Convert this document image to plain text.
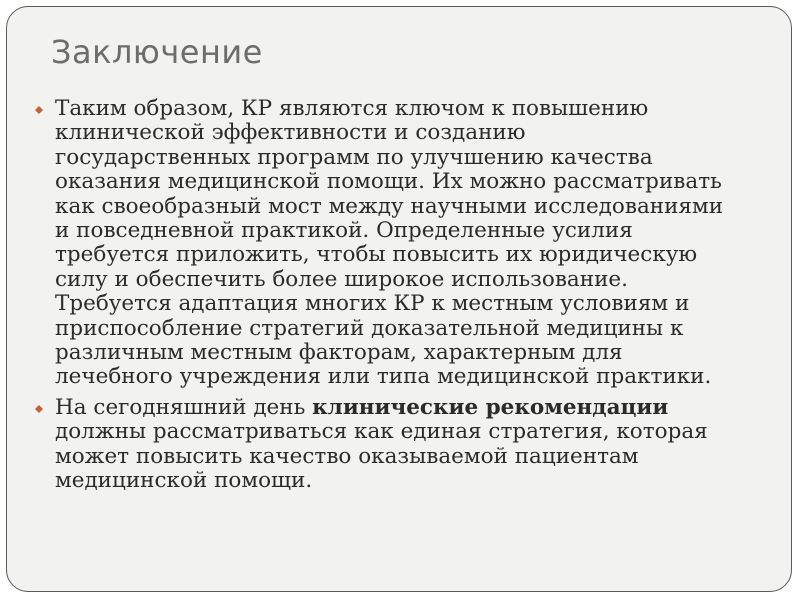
Заключение
Таким образом, КР являются ключом к повышению клинической эффективности и созданию государственных программ по улучшению качества оказания медицинской помощи. Их можно рассматривать как своеобразный мост между научными исследованиями и повседневной практикой. Определенные усилия требуется приложить, чтобы повысить их юридическую силу и обеспечить более широкое использование. Требуется адаптация многих КР к местным условиям и приспособление стратегий доказательной медицины к различным местным факторам, характерным для лечебного учреждения или типа медицинской практики.
На сегодняшний день клинические рекомендации должны рассматриваться как единая стратегия, которая может повысить качество оказываемой пациентам медицинской помощи.
